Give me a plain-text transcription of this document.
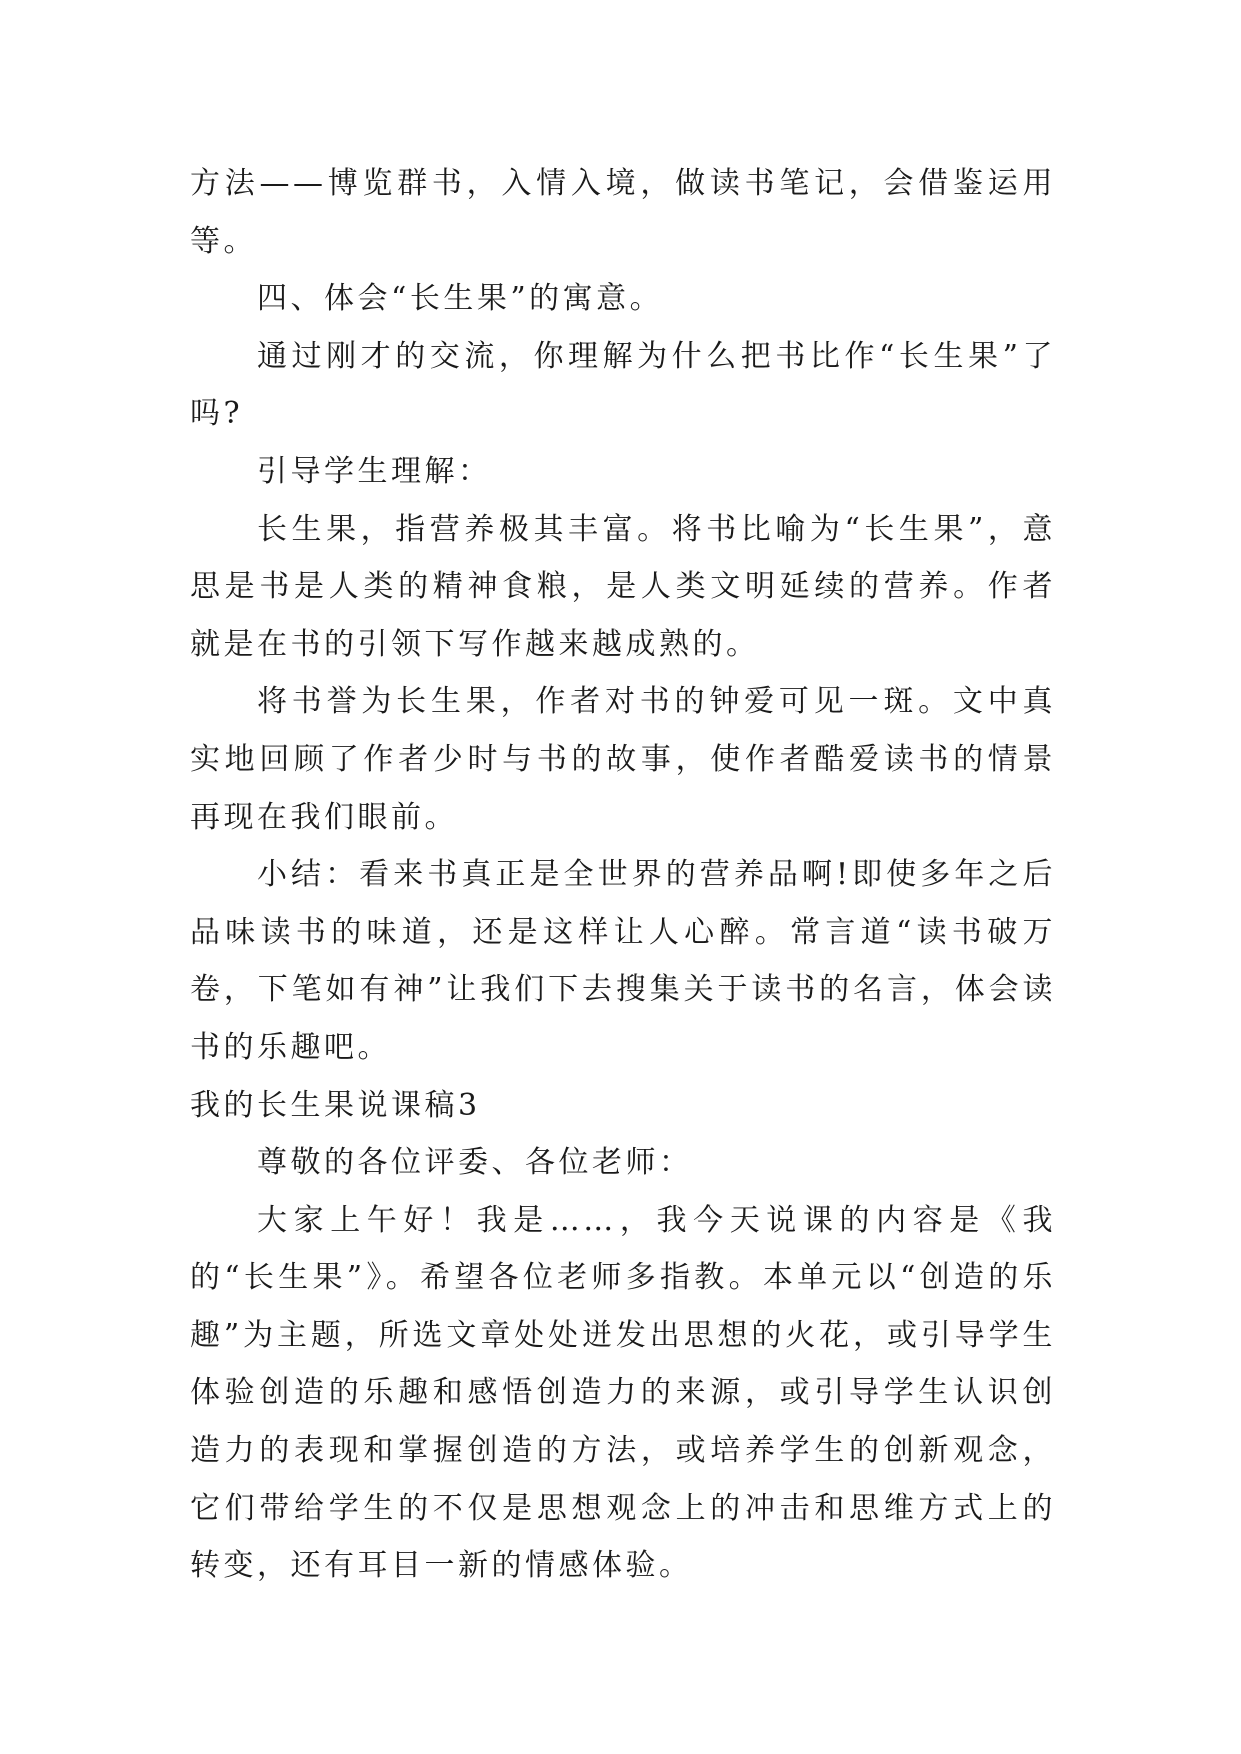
方法——博览群书，入情入境，做读书笔记，会借鉴运用等。

四、体会“长生果”的寓意。

通过刚才的交流，你理解为什么把书比作“长生果”了吗?

引导学生理解：

长生果，指营养极其丰富。将书比喻为“长生果”，意思是书是人类的精神食粮，是人类文明延续的营养。作者就是在书的引领下写作越来越成熟的。

将书誉为长生果，作者对书的钟爱可见一斑。文中真实地回顾了作者少时与书的故事，使作者酷爱读书的情景再现在我们眼前。

小结：看来书真正是全世界的营养品啊!即使多年之后品味读书的味道，还是这样让人心醉。常言道“读书破万卷，下笔如有神”让我们下去搜集关于读书的名言，体会读书的乐趣吧。

我的长生果说课稿3

尊敬的各位评委、各位老师：

大家上午好！我是……，我今天说课的内容是《我的“长生果”》。希望各位老师多指教。本单元以“创造的乐趣”为主题，所选文章处处迸发出思想的火花，或引导学生体验创造的乐趣和感悟创造力的来源，或引导学生认识创造力的表现和掌握创造的方法，或培养学生的创新观念，它们带给学生的不仅是思想观念上的冲击和思维方式上的转变，还有耳目一新的情感体验。
